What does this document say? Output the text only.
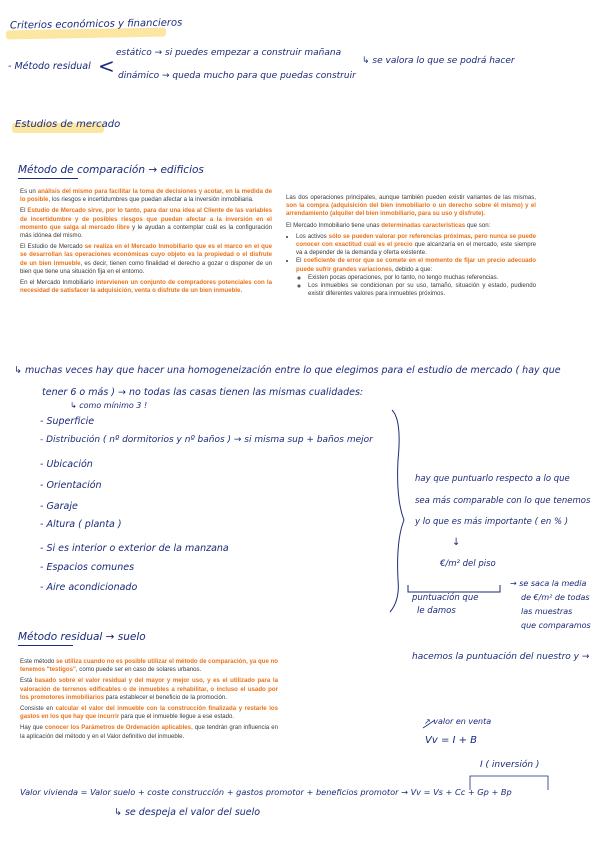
Criterios económicos y financieros
Estudios de mercado
Método de comparación → edificios
Método residual → suelo
- Método residual <
estático → si puedes empezar a construir mañana
dinámico → queda mucho para que puedas construir
↳ se valora lo que se podrá hacer

Es un análisis del mismo para facilitar la toma de decisiones y acotar, en la medida de lo posible, los riesgos e incertidumbres que puedan afectar a la inversión inmobiliaria.

El Estudio de Mercado sirve, por lo tanto, para dar una idea al Cliente de las variables de incertidumbre y de posibles riesgos que puedan afectar a la inversión en el momento que salga al mercado libre y le ayudan a contemplar cuál es la configuración más idónea del mismo.

El Estudio de Mercado se realiza en el Mercado Inmobiliario que es el marco en el que se desarrollan las operaciones económicas cuyo objeto es la propiedad o el disfrute de un bien inmueble, es decir, tienen como finalidad el derecho a gozar o disponer de un bien que tiene una situación fija en el entorno.

En el Mercado Inmobiliario intervienen un conjunto de compradores potenciales con la necesidad de satisfacer la adquisición, venta o disfrute de un bien inmueble.

Las dos operaciones principales, aunque también pueden existir variantes de las mismas, son la compra (adquisición del bien inmobiliario o un derecho sobre él mismo) y el arrendamiento (alquiler del bien inmobiliario, para su uso y disfrute).

El Mercado Inmobiliario tiene unas determinadas características que son:

• Los activos sólo se pueden valorar por referencias próximas, pero nunca se puede conocer con exactitud cuál es el precio que alcanzaría en el mercado, este siempre va a depender de la demanda y oferta existente.
• El coeficiente de error que se comete en el momento de fijar un precio adecuado puede sufrir grandes variaciones, debido a que:
◦ Existen pocas operaciones, por lo tanto, no tengo muchas referencias.
◦ Los inmuebles se condicionan por su uso, tamaño, situación y estado, pudiendo existir diferentes valores para inmuebles próximos.
↳ muchas veces hay que hacer una homogeneización entre lo que elegimos para el estudio de mercado ( hay que
tener 6 o más ) → no todas las casas tienen las mismas cualidades:
↳ como mínimo 3 !
- Superficie
- Distribución ( nº dormitorios y nº baños ) → si misma sup + baños mejor
- Ubicación
- Orientación
- Garaje
- Altura ( planta )
- Si es interior o exterior de la manzana
- Espacios comunes
- Aire acondicionado
hay que puntuarlo respecto a lo que
sea más comparable con lo que tenemos
y lo que es más importante ( en % )
↓
€/m² del piso
puntuación que
le damos
→ se saca la media
de €/m² de todas
las muestras
que comparamos
hacemos la puntuación del nuestro y →

Este método se utiliza cuando no es posible utilizar el método de comparación, ya que no tenemos "testigos", como puede ser en caso de solares urbanos.

Está basado sobre el valor residual y del mayor y mejor uso, y es el utilizado para la valoración de terrenos edificables o de inmuebles a rehabilitar, o incluso el usado por los promotores inmobiliarios para establecer el beneficio de la promoción.

Consiste en calcular el valor del inmueble con la construcción finalizada y restarle los gastos en los que hay que incurrir para que el inmueble llegue a ese estado.

Hay que conocer los Parámetros de Ordenación aplicables, que tendrán gran influencia en la aplicación del método y en el Valor definitivo del inmueble.

↗ valor en venta
Vv = I + B
I ( inversión )
Valor vivienda = Valor suelo + coste construcción + gastos promotor + beneficios promotor → Vv = Vs + Cc + Gp + Bp
↳ se despeja el valor del suelo
